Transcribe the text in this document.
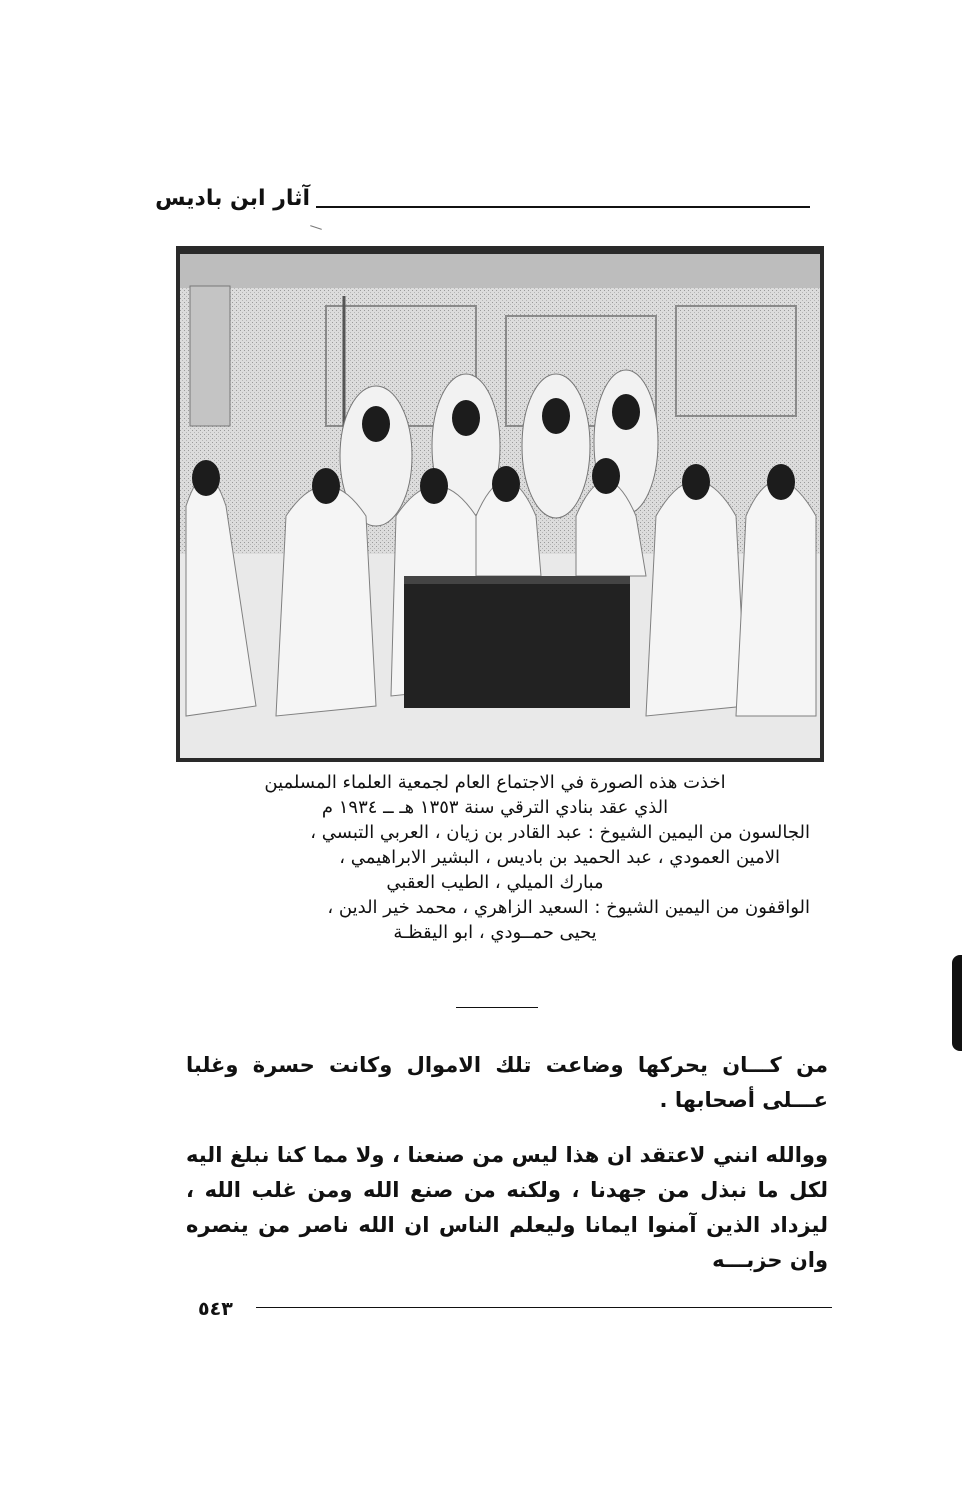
آثار ابن باديس
اخذت هذه الصورة في الاجتماع العام لجمعية العلماء المسلمين
الذي عقد بنادي الترقي سنة ١٣٥٣ هـ ــ ١٩٣٤ م
الجالسون من اليمين الشيوخ : عبد القادر بن زيان ، العربي التبسي ،
الامين العمودي ، عبد الحميد بن باديس ، البشير الابراهيمي ،
مبارك الميلي ، الطيب العقبي
الواقفون من اليمين الشيوخ : السعيد الزاهري ، محمد خير الدين ،
يحيى حمــودي ، ابو اليقظـة

من كـــان يحركها وضاعت تلك الاموال وكانت حسرة وغلبا عـــلى أصحابها .

ووالله انني لاعتقد ان هذا ليس من صنعنا ، ولا مما كنا نبلغ اليه لكل ما نبذل من جهدنا ، ولكنه من صنع الله ومن غلب الله ، ليزداد الذين آمنوا ايمانا وليعلم الناس ان الله ناصر من ينصره وان حزبـــه

٥٤٣
